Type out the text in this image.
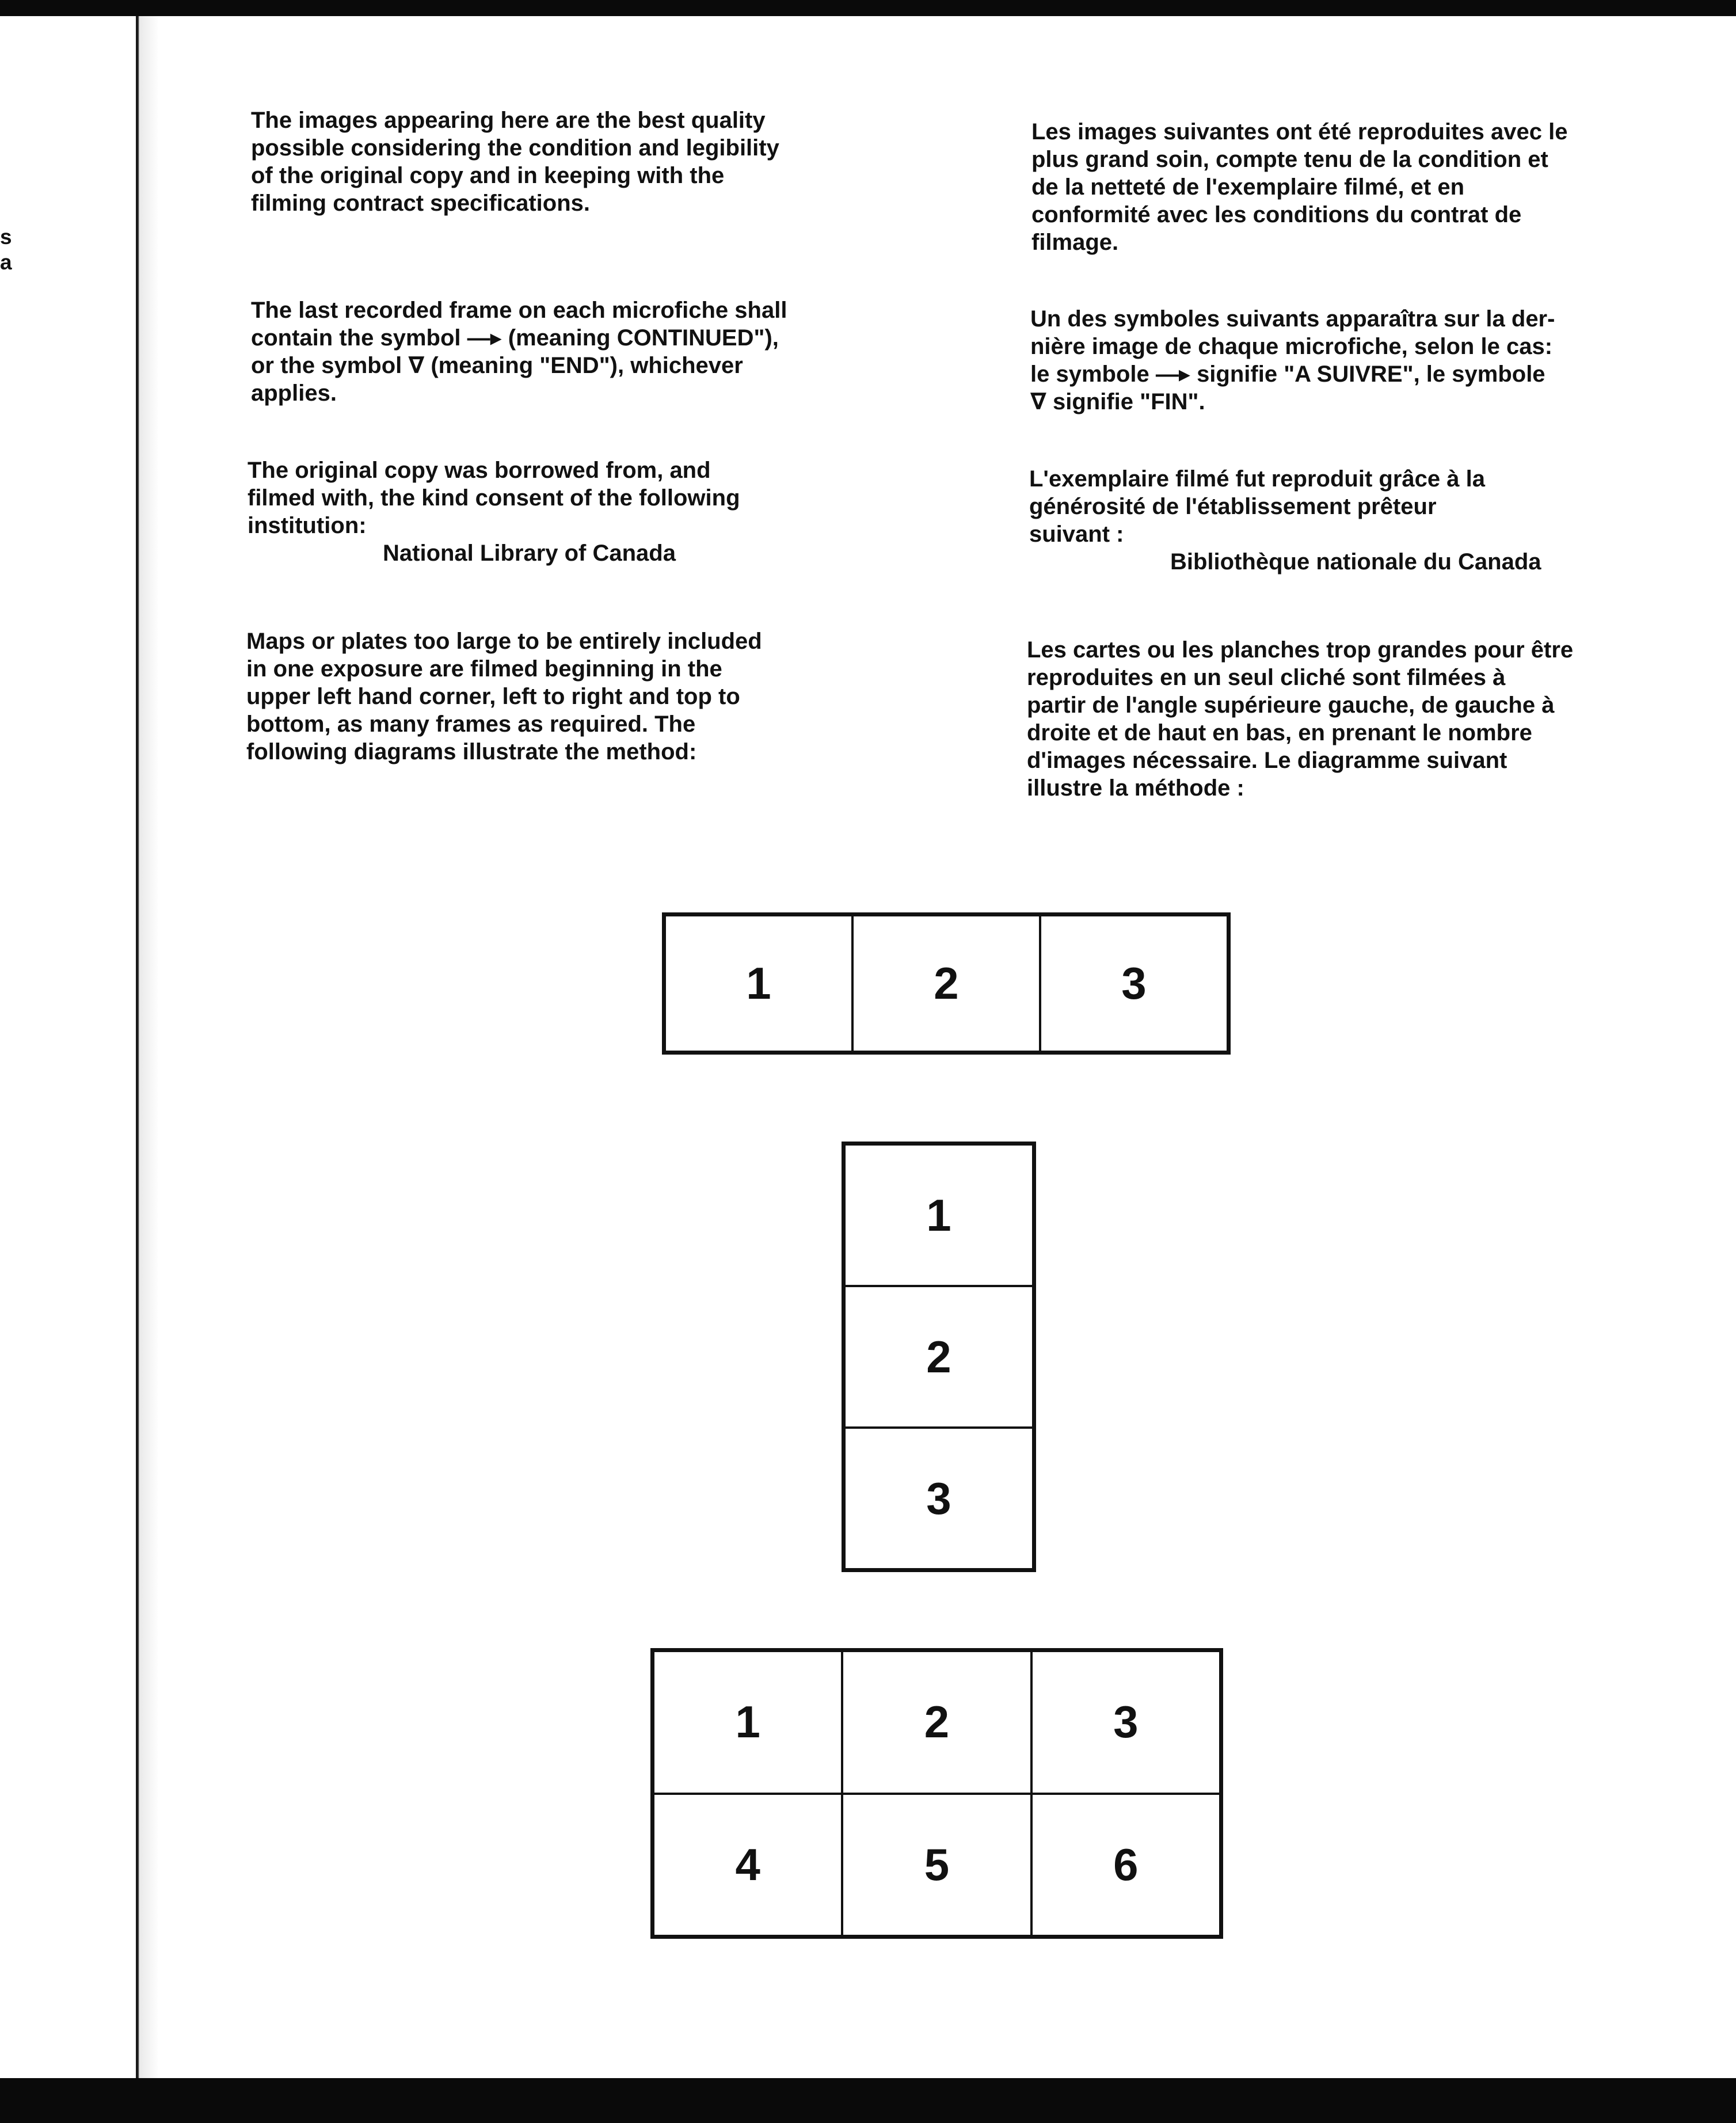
s
a
The images appearing here are the best quality
possible considering the condition and legibility
of the original copy and in keeping with the
filming contract specifications.
The last recorded frame on each microfiche shall
contain the symbol —▸ (meaning CONTINUED"),
or the symbol ∇ (meaning "END"), whichever
applies.
The original copy was borrowed from, and
filmed with, the kind consent of the following
institution:
National Library of Canada
Maps or plates too large to be entirely included
in one exposure are filmed beginning in the
upper left hand corner, left to right and top to
bottom, as many frames as required. The
following diagrams illustrate the method:
Les images suivantes ont été reproduites avec le
plus grand soin, compte tenu de la condition et
de la netteté de l'exemplaire filmé, et en
conformité avec les conditions du contrat de
filmage.
Un des symboles suivants apparaîtra sur la der-
nière image de chaque microfiche, selon le cas:
le symbole —▸ signifie "A SUIVRE", le symbole
∇ signifie "FIN".
L'exemplaire filmé fut reproduit grâce à la
générosité de l'établissement prêteur
suivant :
Bibliothèque nationale du Canada
Les cartes ou les planches trop grandes pour être
reproduites en un seul cliché sont filmées à
partir de l'angle supérieure gauche, de gauche à
droite et de haut en bas, en prenant le nombre
d'images nécessaire. Le diagramme suivant
illustre la méthode :
1	2	3
1
2
3
1	2	3
4	5	6
